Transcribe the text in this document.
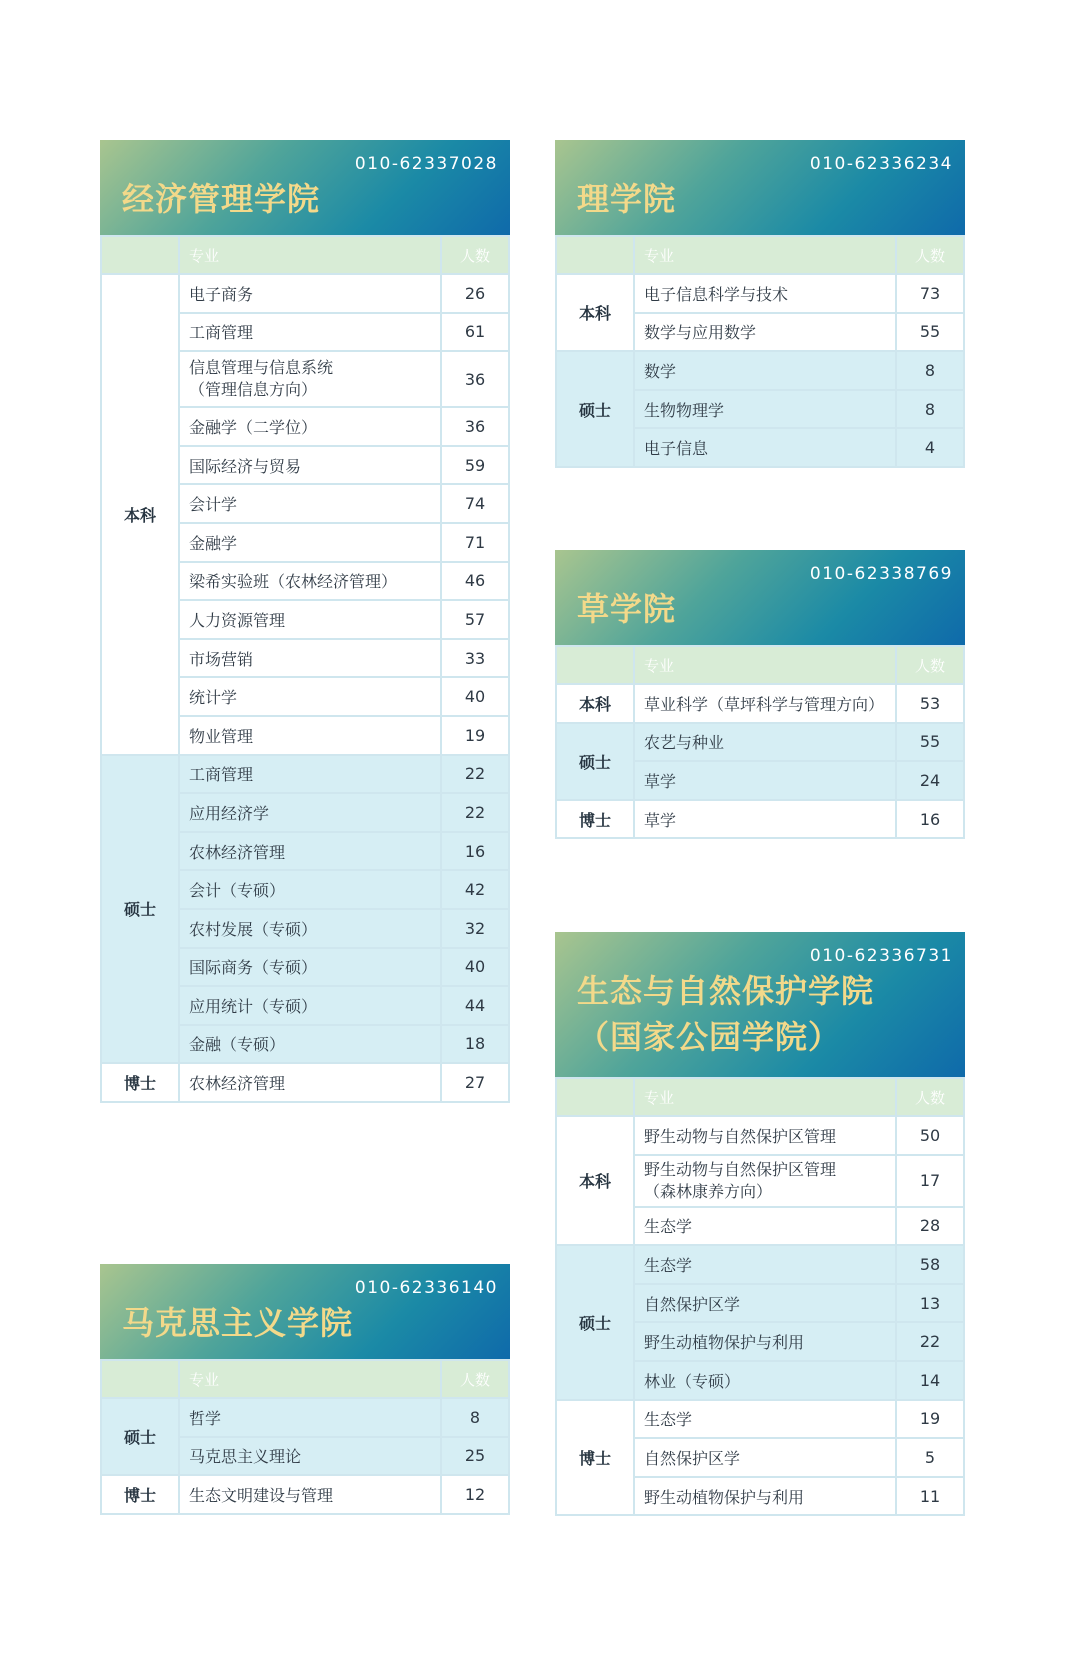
010-62337028
经济管理学院
	专业	人数
本科	电子商务	26

	工商管理	61

	信息管理与信息系统
（管理信息方向）	36

	金融学（二学位）	36

	国际经济与贸易	59

	会计学	74

	金融学	71

	梁希实验班（农林经济管理）	46

	人力资源管理	57

	市场营销	33

	统计学	40

	物业管理	19
硕士	工商管理	22

	应用经济学	22

	农林经济管理	16

	会计（专硕）	42

	农村发展（专硕）	32

	国际商务（专硕）	40

	应用统计（专硕）	44

	金融（专硕）	18
博士	农林经济管理	27
010-62336234
理学院
	专业	人数
本科	电子信息科学与技术	73

	数学与应用数学	55
硕士	数学	8

	生物物理学	8

	电子信息	4
010-62338769
草学院
	专业	人数
本科	草业科学（草坪科学与管理方向）	53
硕士	农艺与种业	55

	草学	24
博士	草学	16
010-62336731
生态与自然保护学院
（国家公园学院）
	专业	人数
本科	野生动物与自然保护区管理	50

	野生动物与自然保护区管理
（森林康养方向）	17

	生态学	28
硕士	生态学	58

	自然保护区学	13

	野生动植物保护与利用	22

	林业（专硕）	14
博士	生态学	19

	自然保护区学	5

	野生动植物保护与利用	11
010-62336140
马克思主义学院
	专业	人数
硕士	哲学	8

	马克思主义理论	25
博士	生态文明建设与管理	12
